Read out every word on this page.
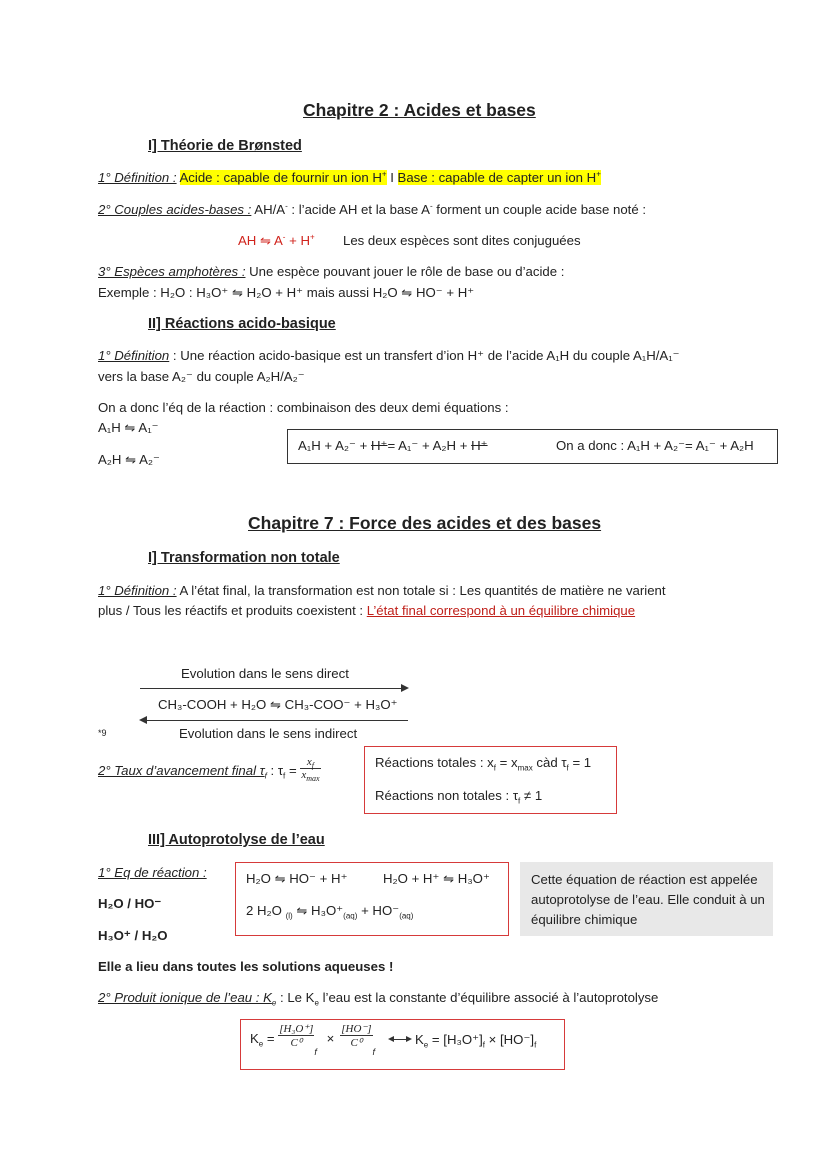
Chapitre 2 : Acides et bases
I] Théorie de Brønsted
1° Définition : Acide : capable de fournir un ion H+ I Base : capable de capter un ion H+
2° Couples acides-bases : AH/A- : l’acide AH et la base A- forment un couple acide base noté :
AH ⇋ A- + H+ Les deux espèces sont dites conjuguées
3° Espèces amphotères : Une espèce pouvant jouer le rôle de base ou d’acide :
Exemple : H₂O : H₃O⁺ ⇋ H₂O + H⁺ mais aussi H₂O ⇋ HO⁻ + H⁺
II] Réactions acido-basique
1° Définition : Une réaction acido-basique est un transfert d’ion H⁺ de l’acide A₁H du couple A₁H/A₁⁻
vers la base A₂⁻ du couple A₂H/A₂⁻
On a donc l’éq de la réaction : combinaison des deux demi équations :
A₁H ⇋ A₁⁻
A₂H ⇋ A₂⁻
A₁H + A₂⁻ + H⁺= A₁⁻ + A₂H + H⁺	On a donc : A₁H + A₂⁻= A₁⁻ + A₂H
Chapitre 7 : Force des acides et des bases
I] Transformation non totale
1° Définition : A l’état final, la transformation est non totale si : Les quantités de matière ne varient
plus / Tous les réactifs et produits coexistent : L’état final correspond à un équilibre chimique
Evolution dans le sens direct
CH₃-COOH + H₂O ⇋ CH₃-COO⁻ + H₃O⁺
Evolution dans le sens indirect
*9
2° Taux d’avancement final $\tau_f$ : $\tau_f = \frac{x_f}{x_{max}}$	Réactions totales : $x_f = x_{max}$ càd $\tau_f = 1$
Réactions non totales : $\tau_f \ne 1$
III] Autoprotolyse de l’eau
1° Eq de réaction :
H₂O / HO⁻
H₃O⁺ / H₂O
H₂O ⇋ HO⁻ + H⁺	H₂O + H⁺ ⇋ H₃O⁺
2 H₂O $_{(l)}$ ⇋ $H_3O^+_{(aq)} + HO^-_{(aq)}$
Cette équation de réaction est appelée autoprotolyse de l’eau. Elle conduit à un équilibre chimique
Elle a lieu dans toutes les solutions aqueuses !
2° Produit ionique de l’eau : $K_e$ : Le $K_e$ l’eau est la constante d’équilibre associé à l’autoprotolyse
$K_e = \frac{\text{[H₃O⁺]}}{\text{C⁰}}$
$_f \times \frac{[HO^-]}{\text{C⁰}}$
$_f$
$K_e = [H_3O^+]_f \times [HO^-]_f$
